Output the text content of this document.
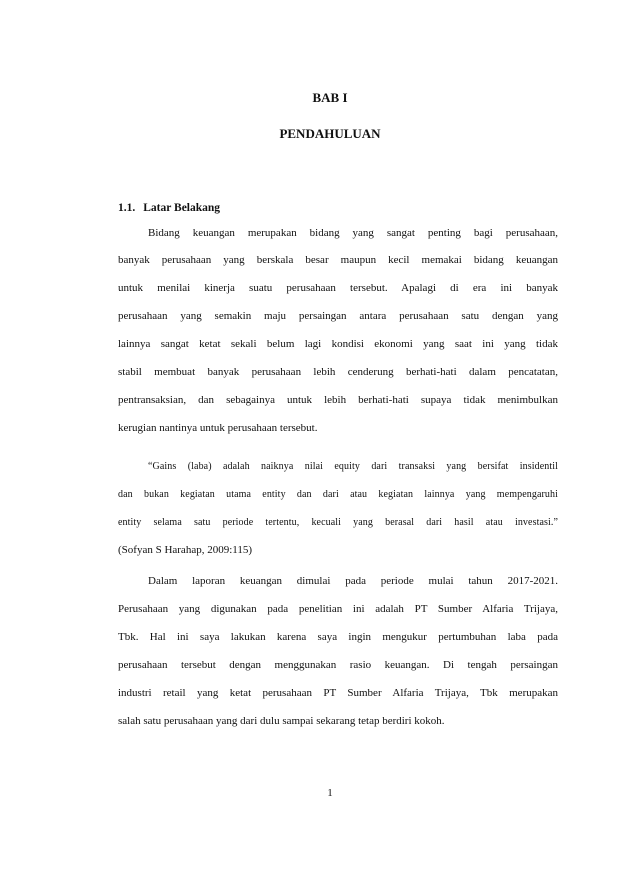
BAB I
PENDAHULUAN
1.1. Latar Belakang

Bidang keuangan merupakan bidang yang sangat penting bagi perusahaan,

banyak perusahaan yang berskala besar maupun kecil memakai bidang keuangan

untuk menilai kinerja suatu perusahaan tersebut. Apalagi di era ini banyak

perusahaan yang semakin maju persaingan antara perusahaan satu dengan yang

lainnya sangat ketat sekali belum lagi kondisi ekonomi yang saat ini yang tidak

stabil membuat banyak perusahaan lebih cenderung berhati-hati dalam pencatatan,

pentransaksian, dan sebagainya untuk lebih berhati-hati supaya tidak menimbulkan

kerugian nantinya untuk perusahaan tersebut.

“Gains (laba) adalah naiknya nilai equity dari transaksi yang bersifat insidentil

dan bukan kegiatan utama entity dan dari atau kegiatan lainnya yang mempengaruhi

entity selama satu periode tertentu, kecuali yang berasal dari hasil atau investasi.”

(Sofyan S Harahap, 2009:115)

Dalam laporan keuangan dimulai pada periode mulai tahun 2017-2021.

Perusahaan yang digunakan pada penelitian ini adalah PT Sumber Alfaria Trijaya,

Tbk. Hal ini saya lakukan karena saya ingin mengukur pertumbuhan laba pada

perusahaan tersebut dengan menggunakan rasio keuangan. Di tengah persaingan

industri retail yang ketat perusahaan PT Sumber Alfaria Trijaya, Tbk merupakan

salah satu perusahaan yang dari dulu sampai sekarang tetap berdiri kokoh.

1
